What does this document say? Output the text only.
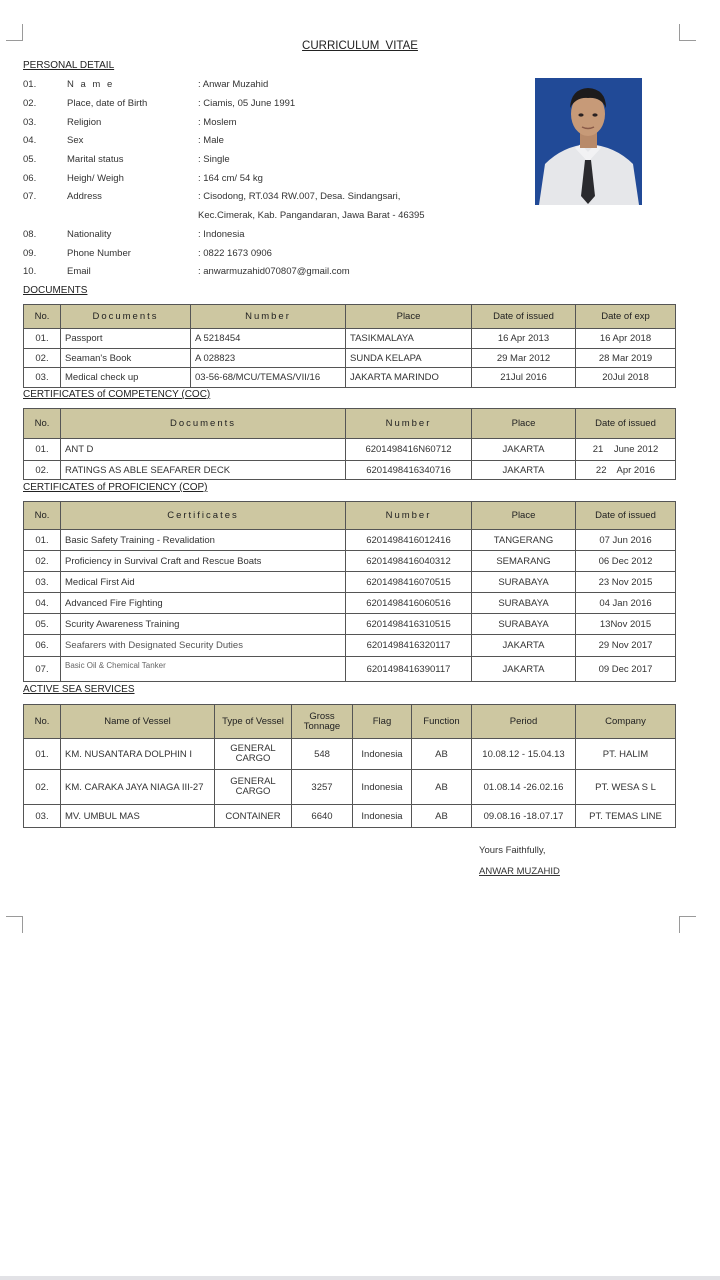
CURRICULUM VITAE
PERSONAL DETAIL
01.	N a m e	: Anwar Muzahid
02.	Place, date of Birth	: Ciamis, 05 June 1991
03.	Religion	: Moslem
04.	Sex	: Male
05.	Marital status	: Single
06.	Heigh/ Weigh	: 164 cm/ 54 kg
07.	Address	: Cisodong, RT.034 RW.007, Desa. Sindangsari,
Kec.Cimerak, Kab. Pangandaran, Jawa Barat - 46395
08.	Nationality	: Indonesia
09.	Phone Number	: 0822 1673 0906
10.	Email	: anwarmuzahid070807@gmail.com
DOCUMENTS
No.	Documents	Number	Place	Date of issued	Date of exp
01.	Passport	A 5218454	TASIKMALAYA	16 Apr 2013	16 Apr 2018
02.	Seaman's Book	A 028823	SUNDA KELAPA	29 Mar 2012	28 Mar 2019
03.	Medical check up	03-56-68/MCU/TEMAS/VII/16	JAKARTA MARINDO	21Jul 2016	20Jul 2018
CERTIFICATES of COMPETENCY (COC)
No.	Documents	Number	Place	Date of issued
01.	ANT D	6201498416N60712	JAKARTA	21    June 2012
02.	RATINGS AS ABLE SEAFARER DECK	6201498416340716	JAKARTA	22    Apr 2016
CERTIFICATES of PROFICIENCY (COP)
No.	Certificates	Number	Place	Date of issued
01.	Basic Safety Training - Revalidation	6201498416012416	TANGERANG	07 Jun 2016
02.	Proficiency in Survival Craft and Rescue Boats	6201498416040312	SEMARANG	06 Dec 2012
03.	Medical First Aid	6201498416070515	SURABAYA	23 Nov 2015
04.	Advanced Fire Fighting	6201498416060516	SURABAYA	04 Jan 2016
05.	Scurity Awareness Training	6201498416310515	SURABAYA	13Nov 2015
06.	Seafarers with Designated Security Duties	6201498416320117	JAKARTA	29 Nov 2017
07.	Basic Oil & Chemical Tanker	6201498416390117	JAKARTA	09 Dec 2017
ACTIVE SEA SERVICES
No.	Name of Vessel	Type of Vessel	Gross Tonnage	Flag	Function	Period	Company
01.	KM. NUSANTARA DOLPHIN I	GENERAL CARGO	548	Indonesia	AB	10.08.12 - 15.04.13	PT. HALIM
02.	KM. CARAKA JAYA NIAGA III-27	GENERAL CARGO	3257	Indonesia	AB	01.08.14 -26.02.16	PT. WESA S L
03.	MV. UMBUL MAS	CONTAINER	6640	Indonesia	AB	09.08.16 -18.07.17	PT. TEMAS LINE
Yours Faithfully,
ANWAR MUZAHID
